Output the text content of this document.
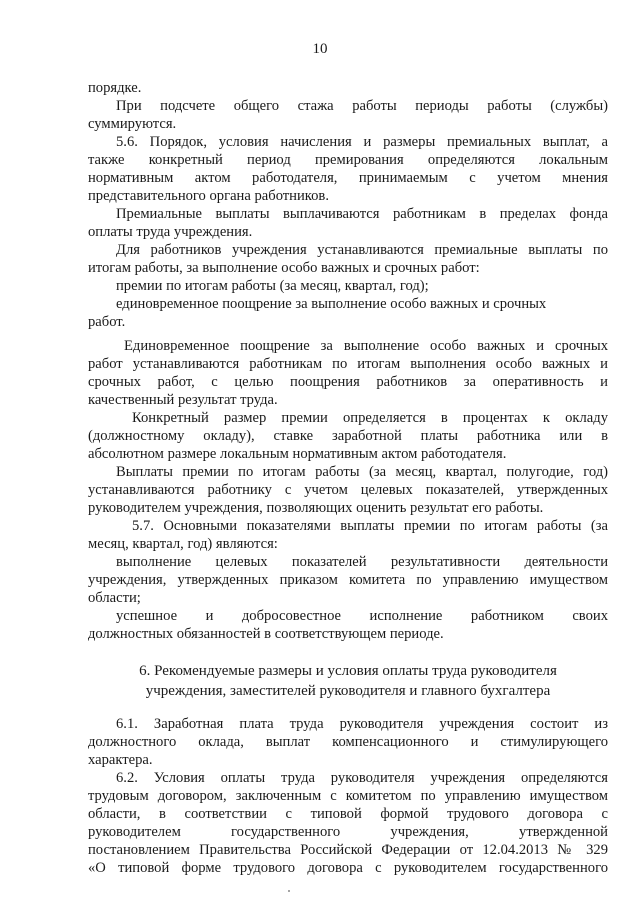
10
порядке.
При подсчете общего стажа работы периоды работы (службы)
суммируются.
5.6. Порядок, условия начисления и размеры премиальных выплат, а
также конкретный период премирования определяются локальным
нормативным актом работодателя, принимаемым с учетом мнения
представительного органа работников.
Премиальные выплаты выплачиваются работникам в пределах фонда
оплаты труда учреждения.
Для работников учреждения устанавливаются премиальные выплаты по
итогам работы, за выполнение особо важных и срочных работ:
премии по итогам работы (за месяц, квартал, год);
единовременное поощрение за выполнение особо важных и срочных
работ.
Единовременное поощрение за выполнение особо важных и срочных
работ устанавливаются работникам по итогам выполнения особо важных и
срочных работ, с целью поощрения работников за оперативность и
качественный результат труда.
Конкретный размер премии определяется в процентах к окладу
(должностному окладу), ставке заработной платы работника или в
абсолютном размере локальным нормативным актом работодателя.
Выплаты премии по итогам работы (за месяц, квартал, полугодие, год)
устанавливаются работнику с учетом целевых показателей, утвержденных
руководителем учреждения, позволяющих оценить результат его работы.
5.7. Основными показателями выплаты премии по итогам работы (за
месяц, квартал, год) являются:
выполнение целевых показателей результативности деятельности
учреждения, утвержденных приказом комитета по управлению имуществом
области;
успешное и добросовестное исполнение работником своих
должностных обязанностей в соответствующем периоде.
6. Рекомендуемые размеры и условия оплаты труда руководителя
учреждения, заместителей руководителя и главного бухгалтера
6.1. Заработная плата труда руководителя учреждения состоит из
должностного оклада, выплат компенсационного и стимулирующего
характера.
6.2. Условия оплаты труда руководителя учреждения определяются
трудовым договором, заключенным с комитетом по управлению имуществом
области, в соответствии с типовой формой трудового договора с
руководителем государственного учреждения, утвержденной
постановлением Правительства Российской Федерации от 12.04.2013 № 329
«О типовой форме трудового договора с руководителем государственного
